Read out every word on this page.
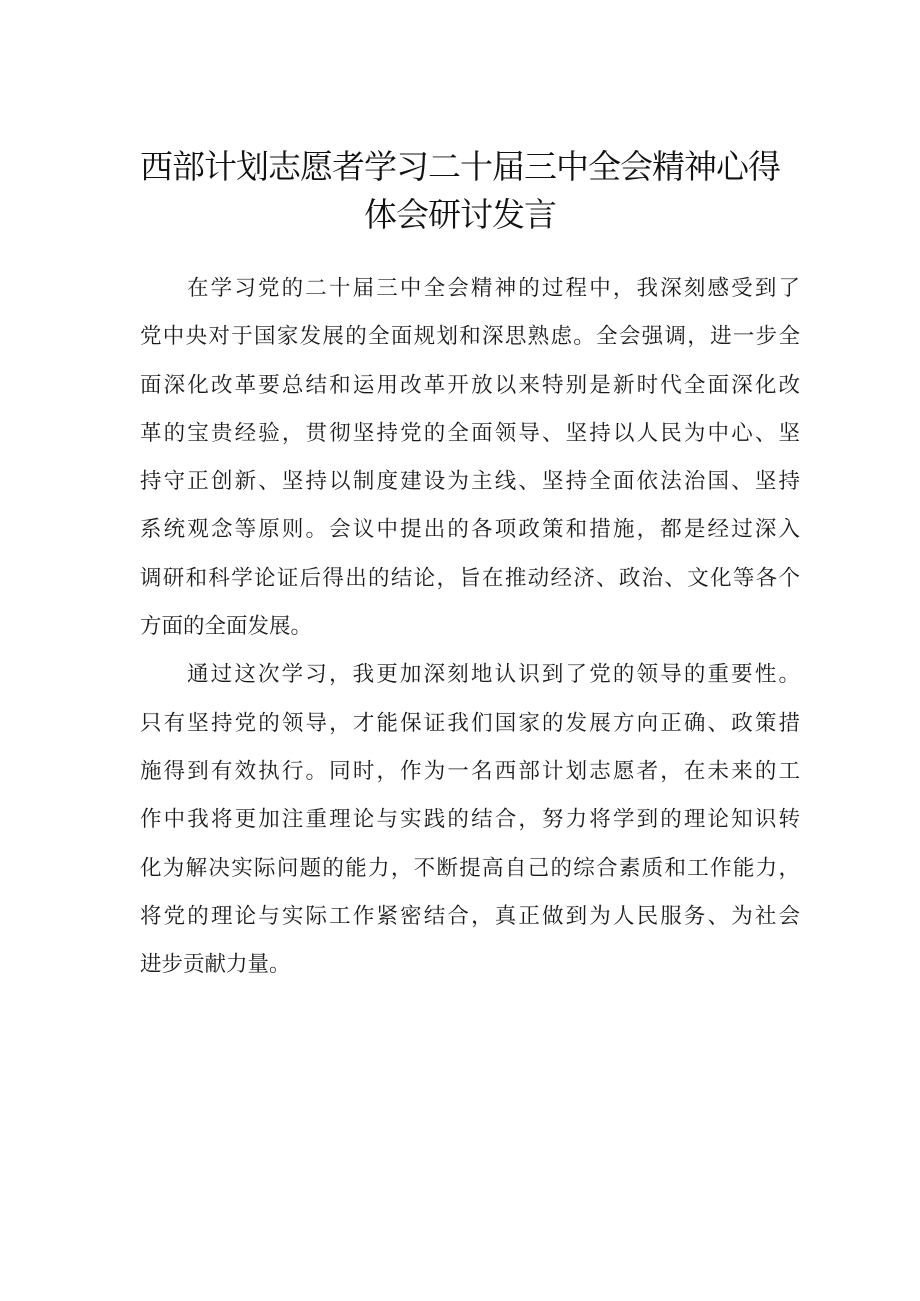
西部计划志愿者学习二十届三中全会精神心得
体会研讨发言
在学习党的二十届三中全会精神的过程中，我深刻感受到了
党中央对于国家发展的全面规划和深思熟虑。全会强调，进一步全
面深化改革要总结和运用改革开放以来特别是新时代全面深化改
革的宝贵经验，贯彻坚持党的全面领导、坚持以人民为中心、坚
持守正创新、坚持以制度建设为主线、坚持全面依法治国、坚持
系统观念等原则。会议中提出的各项政策和措施，都是经过深入
调研和科学论证后得出的结论，旨在推动经济、政治、文化等各个
方面的全面发展。
通过这次学习，我更加深刻地认识到了党的领导的重要性。
只有坚持党的领导，才能保证我们国家的发展方向正确、政策措
施得到有效执行。同时，作为一名西部计划志愿者，在未来的工
作中我将更加注重理论与实践的结合，努力将学到的理论知识转
化为解决实际问题的能力，不断提高自己的综合素质和工作能力，
将党的理论与实际工作紧密结合，真正做到为人民服务、为社会
进步贡献力量。
